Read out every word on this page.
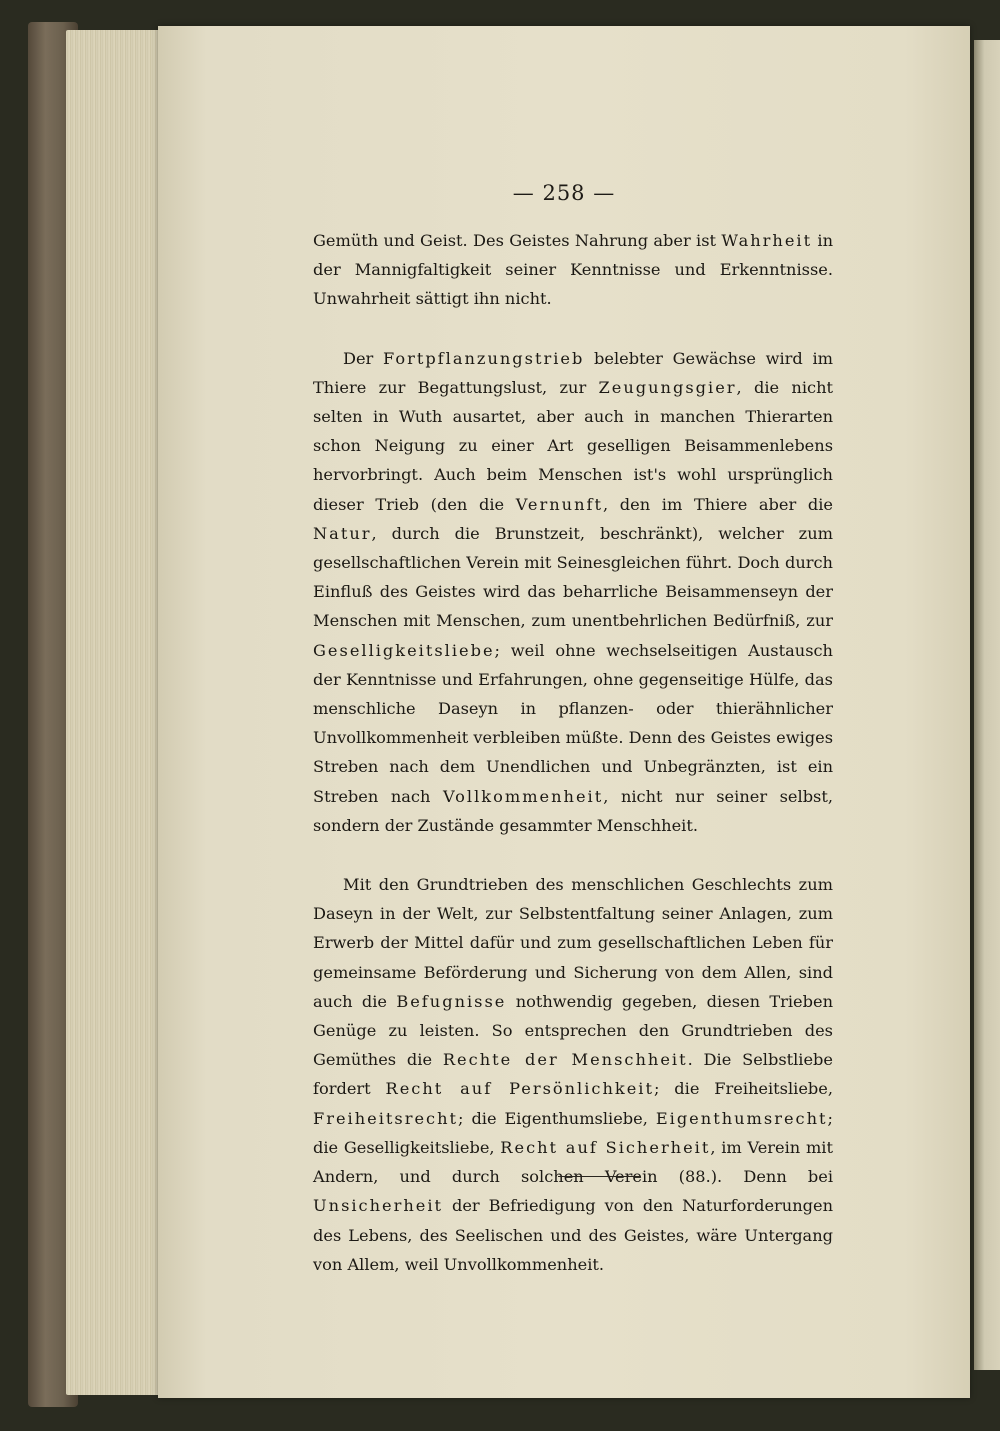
— 258 —

Gemüth und Geist. Des Geistes Nahrung aber ist Wahrheit in der Mannigfaltigkeit seiner Kenntnisse und Erkenntnisse. Unwahrheit sättigt ihn nicht.

Der Fortpflanzungstrieb belebter Gewächse wird im Thiere zur Begattungslust, zur Zeugungsgier, die nicht selten in Wuth ausartet, aber auch in manchen Thierarten schon Neigung zu einer Art geselligen Beisammenlebens hervorbringt. Auch beim Menschen ist's wohl ursprünglich dieser Trieb (den die Vernunft, den im Thiere aber die Natur, durch die Brunstzeit, beschränkt), welcher zum gesellschaftlichen Verein mit Seinesgleichen führt. Doch durch Einfluß des Geistes wird das beharrliche Beisammenseyn der Menschen mit Menschen, zum unentbehrlichen Bedürfniß, zur Geselligkeitsliebe; weil ohne wechselseitigen Austausch der Kenntnisse und Erfahrungen, ohne gegenseitige Hülfe, das menschliche Daseyn in pflanzen- oder thierähnlicher Unvollkommenheit verbleiben müßte. Denn des Geistes ewiges Streben nach dem Unendlichen und Unbegränzten, ist ein Streben nach Vollkommenheit, nicht nur seiner selbst, sondern der Zustände gesammter Menschheit.

Mit den Grundtrieben des menschlichen Geschlechts zum Daseyn in der Welt, zur Selbstentfaltung seiner Anlagen, zum Erwerb der Mittel dafür und zum gesellschaftlichen Leben für gemeinsame Beförderung und Sicherung von dem Allen, sind auch die Befugnisse nothwendig gegeben, diesen Trieben Genüge zu leisten. So entsprechen den Grundtrieben des Gemüthes die Rechte der Menschheit. Die Selbstliebe fordert Recht auf Persönlichkeit; die Freiheitsliebe, Freiheitsrecht; die Eigenthumsliebe, Eigenthumsrecht; die Geselligkeitsliebe, Recht auf Sicherheit, im Verein mit Andern, und durch solchen Verein (88.). Denn bei Unsicherheit der Befriedigung von den Naturforderungen des Lebens, des Seelischen und des Geistes, wäre Untergang von Allem, weil Unvollkommenheit.
